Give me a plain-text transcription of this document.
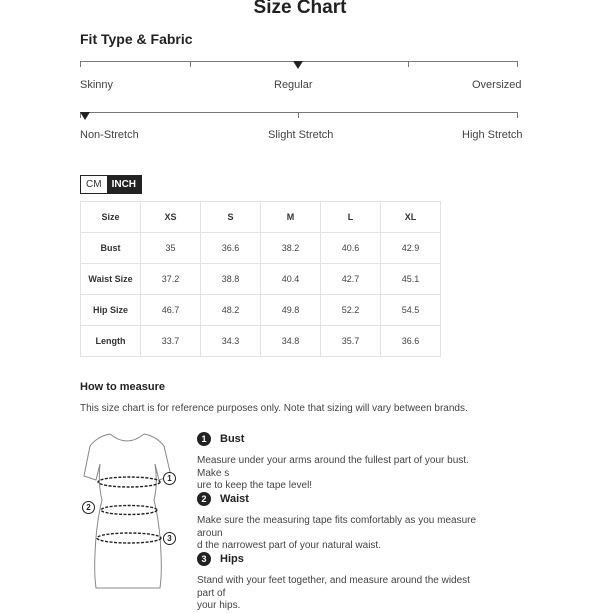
Size Chart
Fit Type & Fabric
Skinny	Regular	Oversized
Non-Stretch	Slight Stretch	High Stretch
CM	INCH
Size	XS	S	M	L	XL
Bust	35	36.6	38.2	40.6	42.9
Waist Size	37.2	38.8	40.4	42.7	45.1
Hip Size	46.7	48.2	49.8	52.2	54.5
Length	33.7	34.3	34.8	35.7	36.6
How to measure
This size chart is for reference purposes only. Note that sizing will vary between brands.
1
2
3
1	Bust
Measure under your arms around the fullest part of your bust. Make s
ure to keep the tape level!
2	Waist
Make sure the measuring tape fits comfortably as you measure aroun
d the narrowest part of your natural waist.
3	Hips
Stand with your feet together, and measure around the widest part of
your hips.
